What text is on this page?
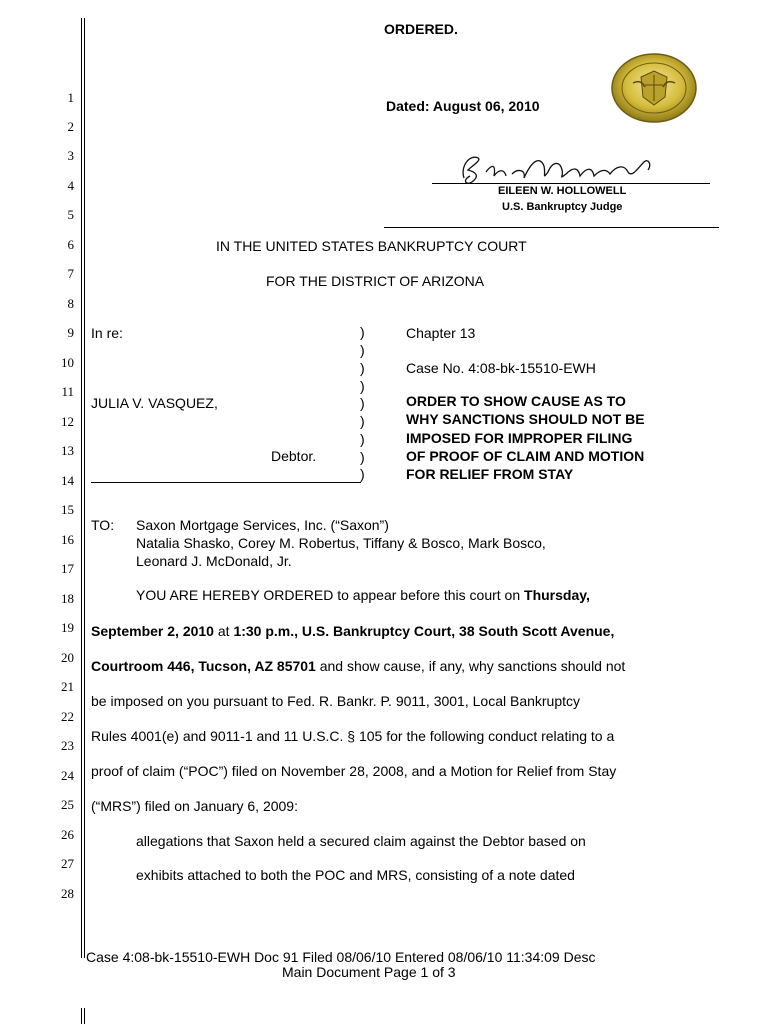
1
2
3
4
5
6
7
8
9
10
11
12
13
14
15
16
17
18
19
20
21
22
23
24
25
26
27
28
ORDERED.
Dated: August 06, 2010
EILEEN W. HOLLOWELL
U.S. Bankruptcy Judge
IN THE UNITED STATES BANKRUPTCY COURT
FOR THE DISTRICT OF ARIZONA
In re:
JULIA V. VASQUEZ,
Debtor.
)
)
)
)
)
)
)
)
)
Chapter 13
Case No. 4:08-bk-15510-EWH
ORDER TO SHOW CAUSE AS TO
WHY SANCTIONS SHOULD NOT BE
IMPOSED FOR IMPROPER FILING
OF PROOF OF CLAIM AND MOTION
FOR RELIEF FROM STAY
TO: Saxon Mortgage Services, Inc. (“Saxon”)
Natalia Shasko, Corey M. Robertus, Tiffany & Bosco, Mark Bosco,
Leonard J. McDonald, Jr.
YOU ARE HEREBY ORDERED to appear before this court on Thursday,
September 2, 2010 at 1:30 p.m., U.S. Bankruptcy Court, 38 South Scott Avenue,
Courtroom 446, Tucson, AZ 85701 and show cause, if any, why sanctions should not
be imposed on you pursuant to Fed. R. Bankr. P. 9011, 3001, Local Bankruptcy
Rules 4001(e) and 9011-1 and 11 U.S.C. § 105 for the following conduct relating to a
proof of claim (“POC”) filed on November 28, 2008, and a Motion for Relief from Stay
(“MRS”) filed on January 6, 2009:
allegations that Saxon held a secured claim against the Debtor based on
exhibits attached to both the POC and MRS, consisting of a note dated
Case 4:08-bk-15510-EWH Doc 91 Filed 08/06/10 Entered 08/06/10 11:34:09 Desc
Main Document Page 1 of 3
